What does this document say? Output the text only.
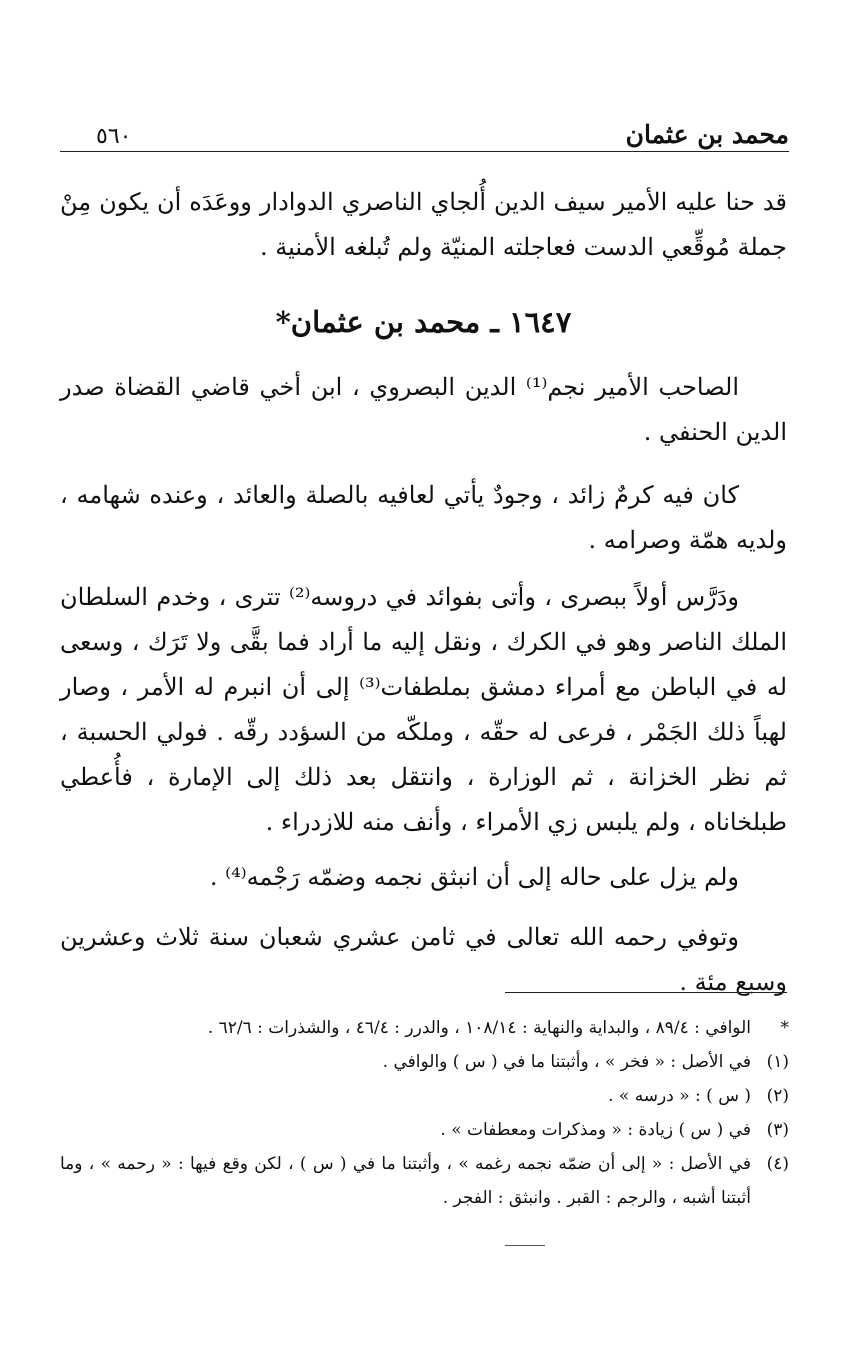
محمد بن عثمان
٥٦٠

قد حنا عليه الأمير سيف الدين أُلجاي الناصري الدوادار ووعَدَه أن يكون مِنْ جملة مُوقِّعي الدست فعاجلته المنيّة ولم تُبلغه الأمنية .

١٦٤٧ ـ محمد بن عثمان*

الصاحب الأمير نجم⁽¹⁾ الدين البصروي ، ابن أخي قاضي القضاة صدر الدين الحنفي .

كان فيه كرمٌ زائد ، وجودٌ يأتي لعافيه بالصلة والعائد ، وعنده شهامه ، ولديه همّة وصرامه .

ودَرَّس أولاً ببصرى ، وأتى بفوائد في دروسه⁽²⁾ تترى ، وخدم السلطان الملك الناصر وهو في الكرك ، ونقل إليه ما أراد فما بقَّى ولا تَرَك ، وسعى له في الباطن مع أمراء دمشق بملطفات⁽³⁾ إلى أن انبرم له الأمر ، وصار لهباً ذلك الجَمْر ، فرعى له حقّه ، وملكّه من السؤدد رقّه . فولي الحسبة ، ثم نظر الخزانة ، ثم الوزارة ، وانتقل بعد ذلك إلى الإمارة ، فأُعطي طبلخاناه ، ولم يلبس زي الأمراء ، وأنف منه للازدراء .

ولم يزل على حاله إلى أن انبثق نجمه وضمّه رَجْمه⁽⁴⁾ .

وتوفي رحمه الله تعالى في ثامن عشري شعبان سنة ثلاث وعشرين وسبع مئة .

*
الوافي : ٨٩/٤ ، والبداية والنهاية : ١٠٨/١٤ ، والدرر : ٤٦/٤ ، والشذرات : ٦٢/٦ .
(١)
في الأصل : « فخر » ، وأثبتنا ما في ( س ) والوافي .
(٢)
( س ) : « درسه » .
(٣)
في ( س ) زيادة : « ومذكرات ومعطفات » .
(٤)
في الأصل : « إلى أن ضمّه نجمه رغمه » ، وأثبتنا ما في ( س ) ، لكن وقع فيها : « رحمه » ، وما أثبتنا أشبه ، والرجم : القبر . وانبثق : الفجر .
